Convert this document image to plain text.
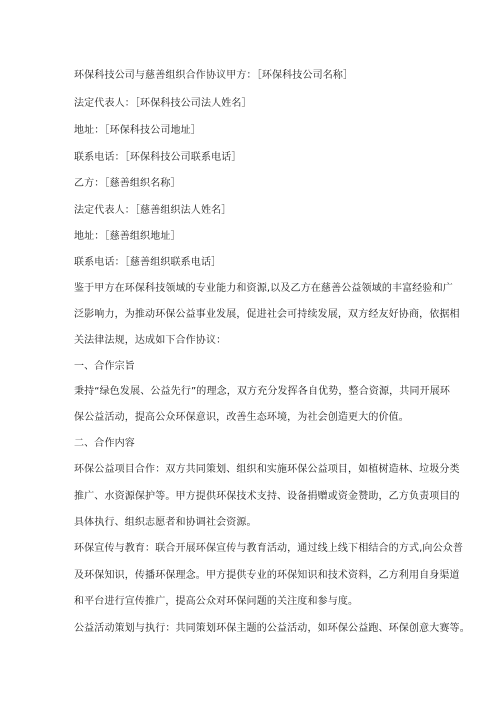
环保科技公司与慈善组织合作协议甲方：［环保科技公司名称］
法定代表人：［环保科技公司法人姓名］
地址：［环保科技公司地址］
联系电话：［环保科技公司联系电话］
乙方：［慈善组织名称］
法定代表人：［慈善组织法人姓名］
地址：［慈善组织地址］
联系电话：［慈善组织联系电话］
鉴于甲方在环保科技领域的专业能力和资源,以及乙方在慈善公益领域的丰富经验和广
泛影响力，为推动环保公益事业发展，促进社会可持续发展，双方经友好协商，依据相
关法律法规，达成如下合作协议：
一、合作宗旨
秉持“绿色发展、公益先行”的理念，双方充分发挥各自优势，整合资源，共同开展环
保公益活动，提高公众环保意识，改善生态环境，为社会创造更大的价值。
二、合作内容
环保公益项目合作：双方共同策划、组织和实施环保公益项目，如植树造林、垃圾分类
推广、水资源保护等。甲方提供环保技术支持、设备捐赠或资金赞助，乙方负责项目的
具体执行、组织志愿者和协调社会资源。
环保宣传与教育：联合开展环保宣传与教育活动，通过线上线下相结合的方式,向公众普
及环保知识，传播环保理念。甲方提供专业的环保知识和技术资料，乙方利用自身渠道
和平台进行宣传推广，提高公众对环保问题的关注度和参与度。
公益活动策划与执行：共同策划环保主题的公益活动，如环保公益跑、环保创意大赛等。
